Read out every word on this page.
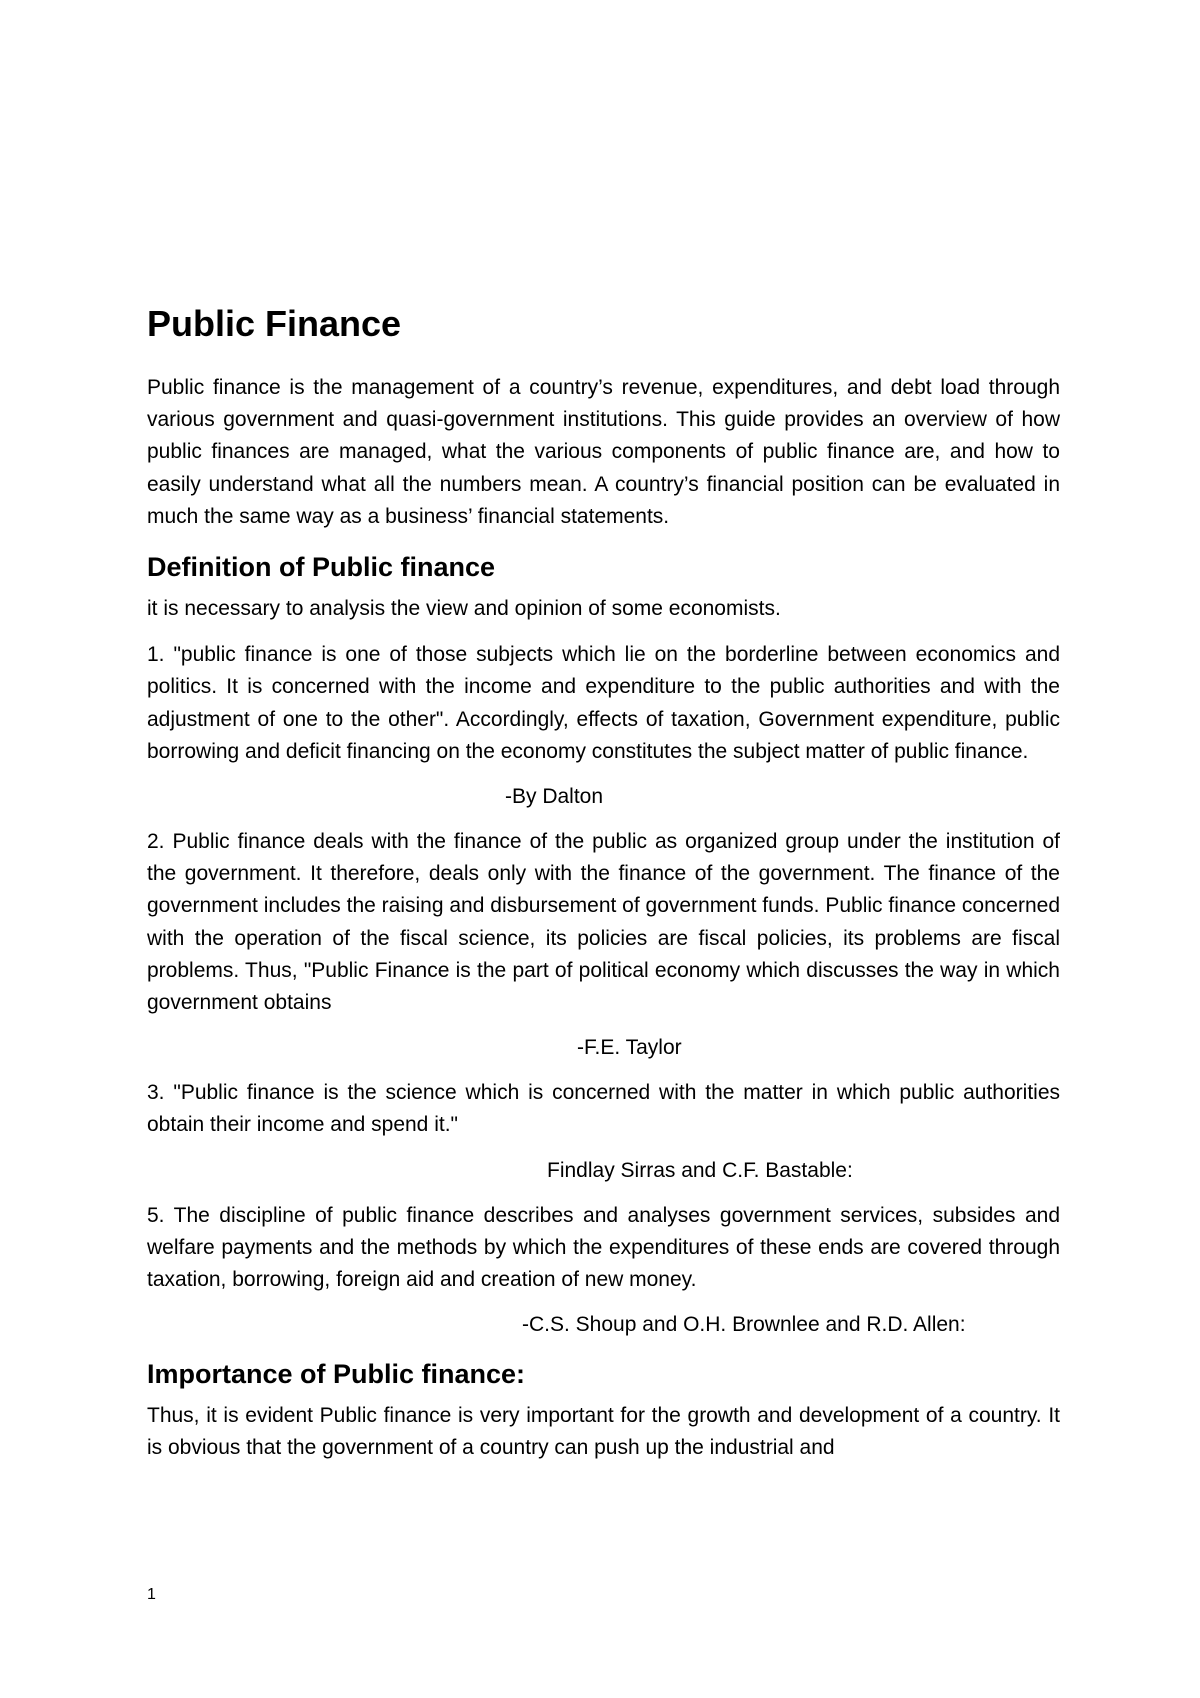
Public Finance

Public finance is the management of a country’s revenue, expenditures, and debt load through various government and quasi-government institutions. This guide provides an overview of how public finances are managed, what the various components of public finance are, and how to easily understand what all the numbers mean. A country’s financial position can be evaluated in much the same way as a business’ financial statements.

Definition of Public finance

it is necessary to analysis the view and opinion of some economists.

1. "public finance is one of those subjects which lie on the borderline between economics and politics. It is concerned with the income and expenditure to the public authorities and with the adjustment of one to the other". Accordingly, effects of taxation, Government expenditure, public borrowing and deficit financing on the economy constitutes the subject matter of public finance.

-By Dalton

2. Public finance deals with the finance of the public as organized group under the institution of the government. It therefore, deals only with the finance of the government. The finance of the government includes the raising and disbursement of government funds. Public finance concerned with the operation of the fiscal science, its policies are fiscal policies, its problems are fiscal problems. Thus, "Public Finance is the part of political economy which discusses the way in which government obtains

-F.E. Taylor

3. "Public finance is the science which is concerned with the matter in which public authorities obtain their income and spend it."

Findlay Sirras and C.F. Bastable:

5. The discipline of public finance describes and analyses government services, subsides and welfare payments and the methods by which the expenditures of these ends are covered through taxation, borrowing, foreign aid and creation of new money.

-C.S. Shoup and O.H. Brownlee and R.D. Allen:

Importance of Public finance:

Thus, it is evident Public finance is very important for the growth and development of a country. It is obvious that the government of a country can push up the industrial and

1
